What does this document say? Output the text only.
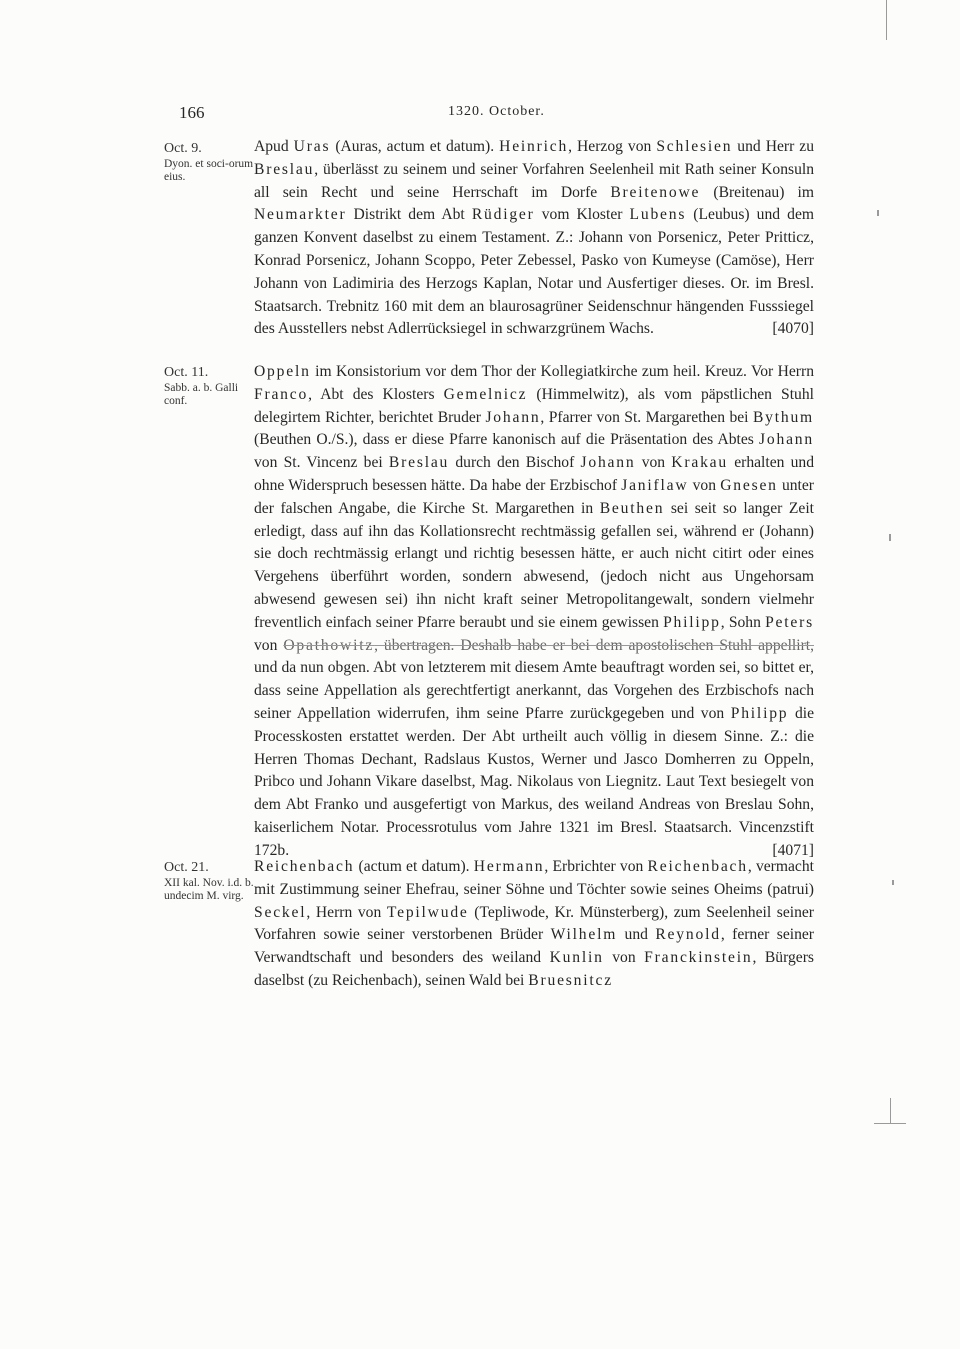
166	1320. October.
Oct. 9.
Dyon. et soci-orum eius.
Apud Uras (Auras, actum et datum). Heinrich, Herzog von Schlesien und Herr zu Breslau, überlässt zu seinem und seiner Vorfahren Seelenheil mit Rath seiner Konsuln all sein Recht und seine Herrschaft im Dorfe Breitenowe (Breitenau) im Neumarkter Distrikt dem Abt Rüdiger vom Kloster Lubens (Leubus) und dem ganzen Konvent daselbst zu einem Testament. Z.: Johann von Porsenicz, Peter Pritticz, Konrad Porsenicz, Johann Scoppo, Peter Zebessel, Pasko von Kumeyse (Camöse), Herr Johann von Ladimiria des Herzogs Kaplan, Notar und Ausfertiger dieses. Or. im Bresl. Staatsarch. Trebnitz 160 mit dem an blaurosagrüner Seidenschnur hängenden Fusssiegel des Ausstellers nebst Adlerrücksiegel in schwarzgrünem Wachs.	[4070]
Oct. 11.
Sabb. a. b. Galli conf.
Oppeln im Konsistorium vor dem Thor der Kollegiatkirche zum heil. Kreuz. Vor Herrn Franco, Abt des Klosters Gemelnicz (Himmelwitz), als vom päpstlichen Stuhl delegirtem Richter, berichtet Bruder Johann, Pfarrer von St. Margarethen bei Bythum (Beuthen O./S.), dass er diese Pfarre kanonisch auf die Präsentation des Abtes Johann von St. Vincenz bei Breslau durch den Bischof Johann von Krakau erhalten und ohne Widerspruch besessen hätte. Da habe der Erzbischof Janiflaw von Gnesen unter der falschen Angabe, die Kirche St. Margarethen in Beuthen sei seit so langer Zeit erledigt, dass auf ihn das Kollationsrecht rechtmässig gefallen sei, während er (Johann) sie doch rechtmässig erlangt und richtig besessen hätte, er auch nicht citirt oder eines Vergehens überführt worden, sondern abwesend, (jedoch nicht aus Ungehorsam abwesend gewesen sei) ihn nicht kraft seiner Metropolitangewalt, sondern vielmehr freventlich einfach seiner Pfarre beraubt und sie einem gewissen Philipp, Sohn Peters von Opathowitz, übertragen. Deshalb habe er bei dem apostolischen Stuhl appellirt, und da nun obgen. Abt von letzterem mit diesem Amte beauftragt worden sei, so bittet er, dass seine Appellation als gerechtfertigt anerkannt, das Vorgehen des Erzbischofs nach seiner Appellation widerrufen, ihm seine Pfarre zurückgegeben und von Philipp die Processkosten erstattet werden. Der Abt urtheilt auch völlig in diesem Sinne. Z.: die Herren Thomas Dechant, Radslaus Kustos, Werner und Jasco Domherren zu Oppeln, Pribco und Johann Vikare daselbst, Mag. Nikolaus von Liegnitz. Laut Text besiegelt von dem Abt Franko und ausgefertigt von Markus, des weiland Andreas von Breslau Sohn, kaiserlichem Notar. Processrotulus vom Jahre 1321 im Bresl. Staatsarch. Vincenzstift 172b.	[4071]
Oct. 21.
XII kal. Nov. i.d. b. undecim M. virg.
Reichenbach (actum et datum). Hermann, Erbrichter von Reichenbach, vermacht mit Zustimmung seiner Ehefrau, seiner Söhne und Töchter sowie seines Oheims (patrui) Seckel, Herrn von Tepilwude (Tepliwode, Kr. Münsterberg), zum Seelenheil seiner Vorfahren sowie seiner verstorbenen Brüder Wilhelm und Reynold, ferner seiner Verwandtschaft und besonders des weiland Kunlin von Franckinstein, Bürgers daselbst (zu Reichenbach), seinen Wald bei Bruesnitcz
